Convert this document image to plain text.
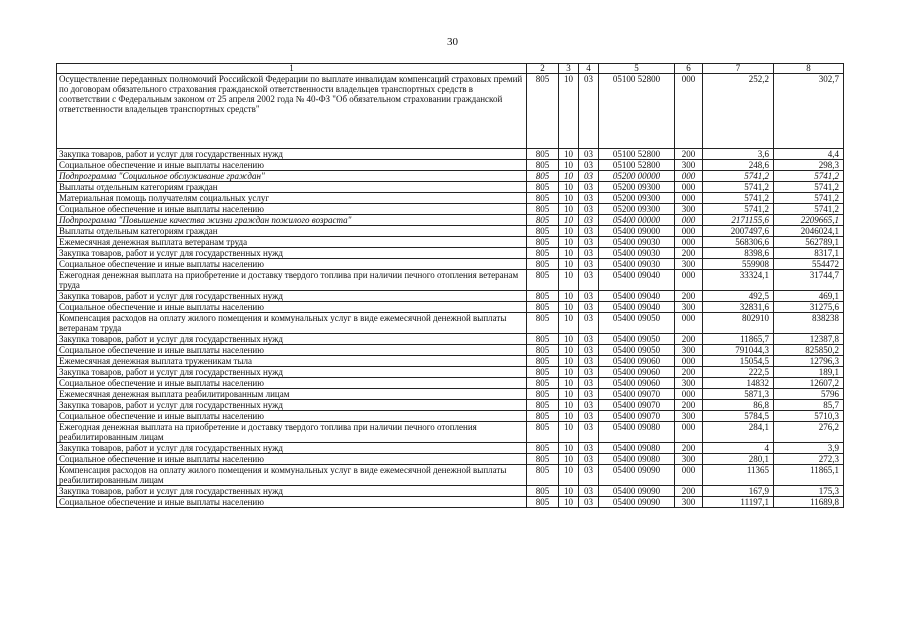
30
1	2	3	4	5	6	7	8
Осуществление переданных полномочий Российской Федерации по выплате инвалидам компенсаций страховых премий по договорам обязательного страхования гражданской ответственности владельцев транспортных средств в соответствии с Федеральным законом от 25 апреля 2002 года № 40-ФЗ "Об обязательном страховании гражданской ответственности владельцев транспортных средств"	805	10	03	05100 52800	000	252,2	302,7
Закупка товаров, работ и услуг для государственных нужд	805	10	03	05100 52800	200	3,6	4,4
Социальное обеспечение и иные выплаты населению	805	10	03	05100 52800	300	248,6	298,3
Подпрограмма "Социальное обслуживание граждан"	805	10	03	05200 00000	000	5741,2	5741,2
Выплаты отдельным категориям граждан	805	10	03	05200 09300	000	5741,2	5741,2
Материальная помощь получателям социальных услуг	805	10	03	05200 09300	000	5741,2	5741,2
Социальное обеспечение и иные выплаты населению	805	10	03	05200 09300	300	5741,2	5741,2
Подпрограмма "Повышение качества жизни граждан пожилого возраста"	805	10	03	05400 00000	000	2171155,6	2209665,1
Выплаты отдельным категориям граждан	805	10	03	05400 09000	000	2007497,6	2046024,1
Ежемесячная денежная выплата ветеранам труда	805	10	03	05400 09030	000	568306,6	562789,1
Закупка товаров, работ и услуг для государственных нужд	805	10	03	05400 09030	200	8398,6	8317,1
Социальное обеспечение и иные выплаты населению	805	10	03	05400 09030	300	559908	554472
Ежегодная денежная выплата на приобретение и доставку твердого топлива при наличии печного отопления ветеранам труда	805	10	03	05400 09040	000	33324,1	31744,7
Закупка товаров, работ и услуг для государственных нужд	805	10	03	05400 09040	200	492,5	469,1
Социальное обеспечение и иные выплаты населению	805	10	03	05400 09040	300	32831,6	31275,6
Компенсация расходов на оплату жилого помещения и коммунальных услуг в виде ежемесячной денежной выплаты ветеранам труда	805	10	03	05400 09050	000	802910	838238
Закупка товаров, работ и услуг для государственных нужд	805	10	03	05400 09050	200	11865,7	12387,8
Социальное обеспечение и иные выплаты населению	805	10	03	05400 09050	300	791044,3	825850,2
Ежемесячная денежная выплата труженикам тыла	805	10	03	05400 09060	000	15054,5	12796,3
Закупка товаров, работ и услуг для государственных нужд	805	10	03	05400 09060	200	222,5	189,1
Социальное обеспечение и иные выплаты населению	805	10	03	05400 09060	300	14832	12607,2
Ежемесячная денежная выплата реабилитированным лицам	805	10	03	05400 09070	000	5871,3	5796
Закупка товаров, работ и услуг для государственных нужд	805	10	03	05400 09070	200	86,8	85,7
Социальное обеспечение и иные выплаты населению	805	10	03	05400 09070	300	5784,5	5710,3
Ежегодная денежная выплата на приобретение и доставку твердого топлива при наличии печного отопления реабилитированным лицам	805	10	03	05400 09080	000	284,1	276,2
Закупка товаров, работ и услуг для государственных нужд	805	10	03	05400 09080	200	4	3,9
Социальное обеспечение и иные выплаты населению	805	10	03	05400 09080	300	280,1	272,3
Компенсация расходов на оплату жилого помещения и коммунальных услуг в виде ежемесячной денежной выплаты реабилитированным лицам	805	10	03	05400 09090	000	11365	11865,1
Закупка товаров, работ и услуг для государственных нужд	805	10	03	05400 09090	200	167,9	175,3
Социальное обеспечение и иные выплаты населению	805	10	03	05400 09090	300	11197,1	11689,8
